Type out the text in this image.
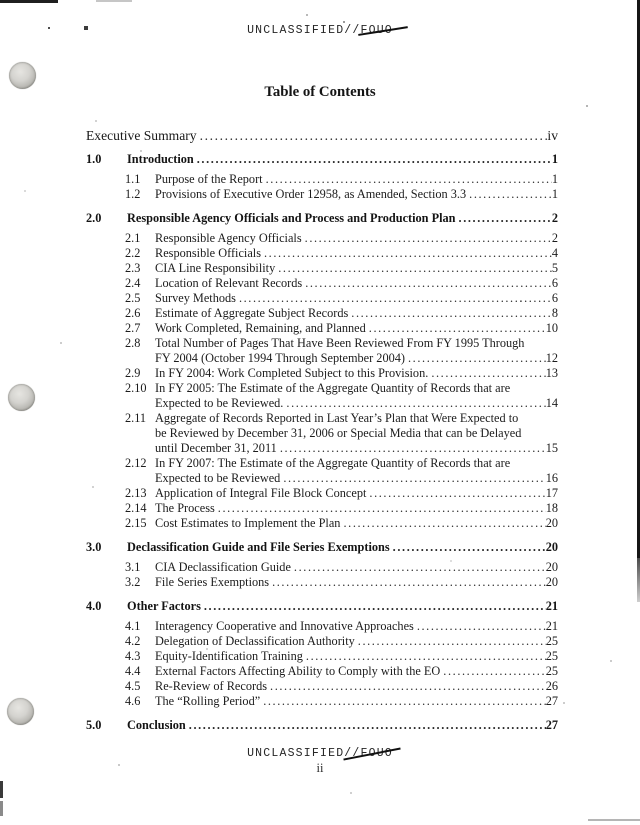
UNCLASSIFIED//FOUO
Table of Contents
Executive Summary .....	iv
1.0	Introduction .....	1
1.1	Purpose of the Report .....	1
1.2	Provisions of Executive Order 12958, as Amended, Section 3.3 .....	1
2.0	Responsible Agency Officials and Process and Production Plan .....	2
2.1	Responsible Agency Officials .....	2
2.2	Responsible Officials .....	4
2.3	CIA Line Responsibility .....	5
2.4	Location of Relevant Records .....	6
2.5	Survey Methods .....	6
2.6	Estimate of Aggregate Subject Records .....	8
2.7	Work Completed, Remaining, and Planned .....	10
2.8	Total Number of Pages That Have Been Reviewed From FY 1995 Through
FY 2004 (October 1994 Through September 2004) .....	12
2.9	In FY 2004: Work Completed Subject to this Provision. .....	13
2.10 In FY 2005: The Estimate of the Aggregate Quantity of Records that are
Expected to be Reviewed. .....	14
2.11 Aggregate of Records Reported in Last Year’s Plan that Were Expected to
be Reviewed by December 31, 2006 or Special Media that can be Delayed
until December 31, 2011 .....	15
2.12 In FY 2007: The Estimate of the Aggregate Quantity of Records that are
Expected to be Reviewed .....	16
2.13 Application of Integral File Block Concept .....	17
2.14 The Process .....	18
2.15 Cost Estimates to Implement the Plan .....	20
3.0	Declassification Guide and File Series Exemptions .....	20
3.1	CIA Declassification Guide .....	20
3.2	File Series Exemptions .....	20
4.0	Other Factors .....	21
4.1	Interagency Cooperative and Innovative Approaches .....	21
4.2	Delegation of Declassification Authority .....	25
4.3	Equity-Identification Training .....	25
4.4	External Factors Affecting Ability to Comply with the EO .....	25
4.5	Re-Review of Records .....	26
4.6	The “Rolling Period” .....	27
5.0	Conclusion .....	27
UNCLASSIFIED//FOUO
ii
